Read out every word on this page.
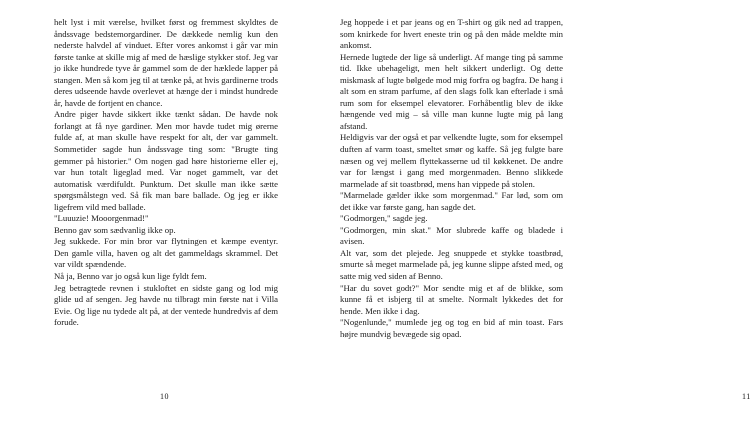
helt lyst i mit værelse, hvilket først og fremmest skyldtes de åndssvage bedstemorgardiner. De dækkede nemlig kun den nederste halvdel af vinduet. Efter vores ankomst i går var min første tanke at skille mig af med de hæslige stykker stof. Jeg var jo ikke hundrede tyve år gammel som de der hæklede lapper på stangen. Men så kom jeg til at tænke på, at hvis gardinerne trods deres udseende havde overlevet at hænge der i mindst hundrede år, havde de fortjent en chance.

Andre piger havde sikkert ikke tænkt sådan. De havde nok forlangt at få nye gardiner. Men mor havde tudet mig ørerne fulde af, at man skulle have respekt for alt, der var gammelt. Sommetider sagde hun åndssvage ting som: "Brugte ting gemmer på historier." Om nogen gad høre historierne eller ej, var hun totalt ligeglad med. Var noget gammelt, var det automatisk værdifuldt. Punktum. Det skulle man ikke sætte spørgsmålstegn ved. Så fik man bare ballade. Og jeg er ikke ligefrem vild med ballade.

"Luuuzie! Mooorgenmad!"

Benno gav som sædvanlig ikke op.

Jeg sukkede. For min bror var flytningen et kæmpe eventyr. Den gamle villa, haven og alt det gammeldags skrammel. Det var vildt spændende.

Nå ja, Benno var jo også kun lige fyldt fem.

Jeg betragtede revnen i stukloftet en sidste gang og lod mig glide ud af sengen. Jeg havde nu tilbragt min første nat i Villa Evie. Og lige nu tydede alt på, at der ventede hundredvis af dem forude.

10

Jeg hoppede i et par jeans og en T-shirt og gik ned ad trappen, som knirkede for hvert eneste trin og på den måde meldte min ankomst.

Hernede lugtede der lige så underligt. Af mange ting på samme tid. Ikke ubehageligt, men helt sikkert underligt. Og dette miskmask af lugte bølgede mod mig forfra og bagfra. De hang i alt som en stram parfume, af den slags folk kan efterlade i små rum som for eksempel elevatorer. Forhåbentlig blev de ikke hængende ved mig – så ville man kunne lugte mig på lang afstand.

Heldigvis var der også et par velkendte lugte, som for eksempel duften af varm toast, smeltet smør og kaffe. Så jeg fulgte bare næsen og vej mellem flyttekasserne ud til køkkenet. De andre var for længst i gang med morgenmaden. Benno slikkede marmelade af sit toastbrød, mens han vippede på stolen.

"Marmelade gælder ikke som morgenmad." Far lød, som om det ikke var første gang, han sagde det.

"Godmorgen," sagde jeg.

"Godmorgen, min skat." Mor slubrede kaffe og bladede i avisen.

Alt var, som det plejede. Jeg snuppede et stykke toastbrød, smurte så meget marmelade på, jeg kunne slippe afsted med, og satte mig ved siden af Benno.

"Har du sovet godt?" Mor sendte mig et af de blikke, som kunne få et isbjerg til at smelte. Normalt lykkedes det for hende. Men ikke i dag.

"Nogenlunde," mumlede jeg og tog en bid af min toast. Fars højre mundvig bevægede sig opad.

11
